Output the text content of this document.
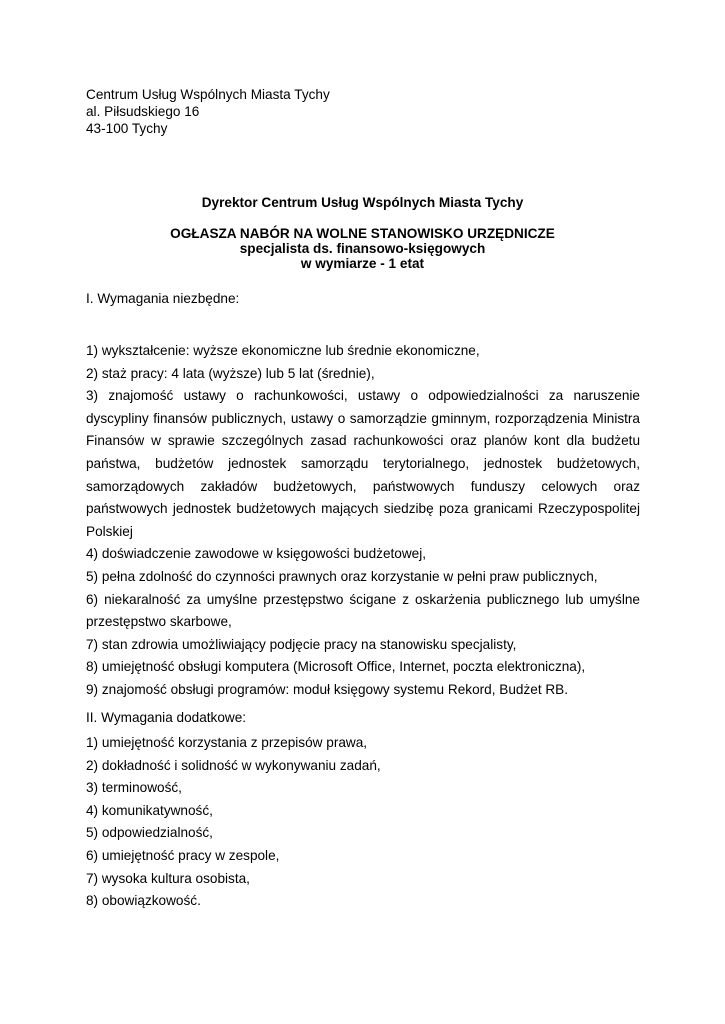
Centrum Usług Wspólnych Miasta Tychy
al. Piłsudskiego 16
43-100 Tychy
Dyrektor Centrum Usług Wspólnych Miasta Tychy
OGŁASZA NABÓR NA WOLNE STANOWISKO URZĘDNICZE
specjalista ds. finansowo-księgowych
w wymiarze - 1 etat
I. Wymagania niezbędne:
1) wykształcenie: wyższe ekonomiczne lub średnie ekonomiczne,
2) staż pracy: 4 lata (wyższe) lub 5 lat (średnie),
3) znajomość ustawy o rachunkowości, ustawy o odpowiedzialności za naruszenie dyscypliny finansów publicznych, ustawy o samorządzie gminnym, rozporządzenia Ministra Finansów w sprawie szczególnych zasad rachunkowości oraz planów kont dla budżetu państwa, budżetów jednostek samorządu terytorialnego, jednostek budżetowych, samorządowych zakładów budżetowych, państwowych funduszy celowych oraz państwowych jednostek budżetowych mających siedzibę poza granicami Rzeczypospolitej Polskiej
4) doświadczenie zawodowe w księgowości budżetowej,
5) pełna zdolność do czynności prawnych oraz korzystanie w pełni praw publicznych,
6) niekaralność za umyślne przestępstwo ścigane z oskarżenia publicznego lub umyślne przestępstwo skarbowe,
7) stan zdrowia umożliwiający podjęcie pracy na stanowisku specjalisty,
8) umiejętność obsługi komputera (Microsoft Office, Internet, poczta elektroniczna),
9) znajomość obsługi programów: moduł księgowy systemu Rekord, Budżet RB.
II. Wymagania dodatkowe:
1) umiejętność korzystania z przepisów prawa,
2) dokładność i solidność w wykonywaniu zadań,
3) terminowość,
4) komunikatywność,
5) odpowiedzialność,
6) umiejętność pracy w zespole,
7) wysoka kultura osobista,
8) obowiązkowość.
